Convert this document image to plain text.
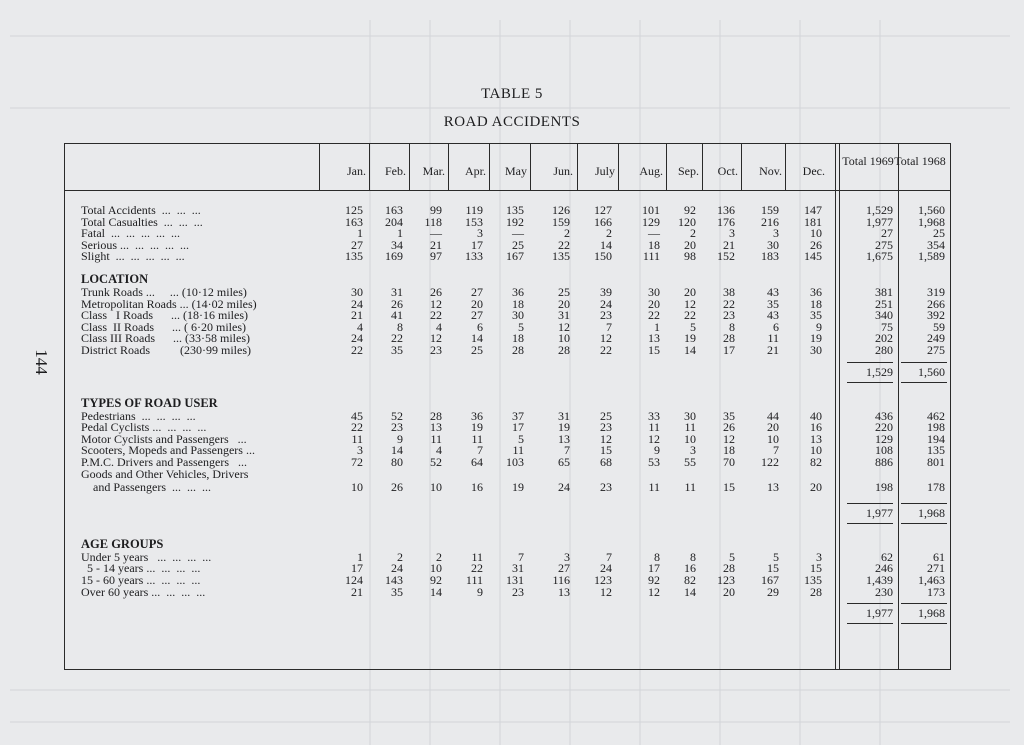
144
TABLE 5
ROAD ACCIDENTS
Jan.	Feb.	Mar.	Apr.	May	Jun.	July	Aug.	Sep.	Oct.	Nov.	Dec.
Total 1969 Total 1968
Total Accidents  ...  ...  ...	125	163	99	119	135	126	127	101	92	136	159	147	1,529	1,560
Total Casualties  ...  ...  ...	163	204	118	153	192	159	166	129	120	176	216	181	1,977	1,968
Fatal  ...  ...  ...  ...  ...	1	1	—	3	—	2	2	—	2	3	3	10	27	25
Serious ...  ...  ...  ...  ...	27	34	21	17	25	22	14	18	20	21	30	26	275	354
Slight  ...  ...  ...  ...  ...	135	169	97	133	167	135	150	111	98	152	183	145	1,675	1,589
LOCATION
Trunk Roads ...     ... (10·12 miles)	30	31	26	27	36	25	39	30	20	38	43	36	381	319
Metropolitan Roads ... (14·02 miles)	24	26	12	20	18	20	24	20	12	22	35	18	251	266
Class   I Roads      ... (18·16 miles)	21	41	22	27	30	31	23	22	22	23	43	35	340	392
Class  II Roads      ... ( 6·20 miles)	4	8	4	6	5	12	7	1	5	8	6	9	75	59
Class III Roads      ... (33·58 miles)	24	22	12	14	18	10	12	13	19	28	11	19	202	249
District Roads          (230·99 miles)	22	35	23	25	28	28	22	15	14	17	21	30	280	275
1,529	1,560
TYPES OF ROAD USER
Pedestrians  ...  ...  ...  ...	45	52	28	36	37	31	25	33	30	35	44	40	436	462
Pedal Cyclists ...  ...  ...  ...	22	23	13	19	17	19	23	11	11	26	20	16	220	198
Motor Cyclists and Passengers   ...	11	9	11	11	5	13	12	12	10	12	10	13	129	194
Scooters, Mopeds and Passengers ...	3	14	4	7	11	7	15	9	3	18	7	10	108	135
P.M.C. Drivers and Passengers   ...	72	80	52	64	103	65	68	53	55	70	122	82	886	801
Goods and Other Vehicles, Drivers
and Passengers  ...  ...  ...	10	26	10	16	19	24	23	11	11	15	13	20	198	178
1,977	1,968
AGE GROUPS
Under 5 years   ...  ...  ...  ...	1	2	2	11	7	3	7	8	8	5	5	3	62	61
5 - 14 years ...  ...  ...  ...	17	24	10	22	31	27	24	17	16	28	15	15	246	271
15 - 60 years ...  ...  ...  ...	124	143	92	111	131	116	123	92	82	123	167	135	1,439	1,463
Over 60 years ...  ...  ...  ...	21	35	14	9	23	13	12	12	14	20	29	28	230	173
1,977	1,968
